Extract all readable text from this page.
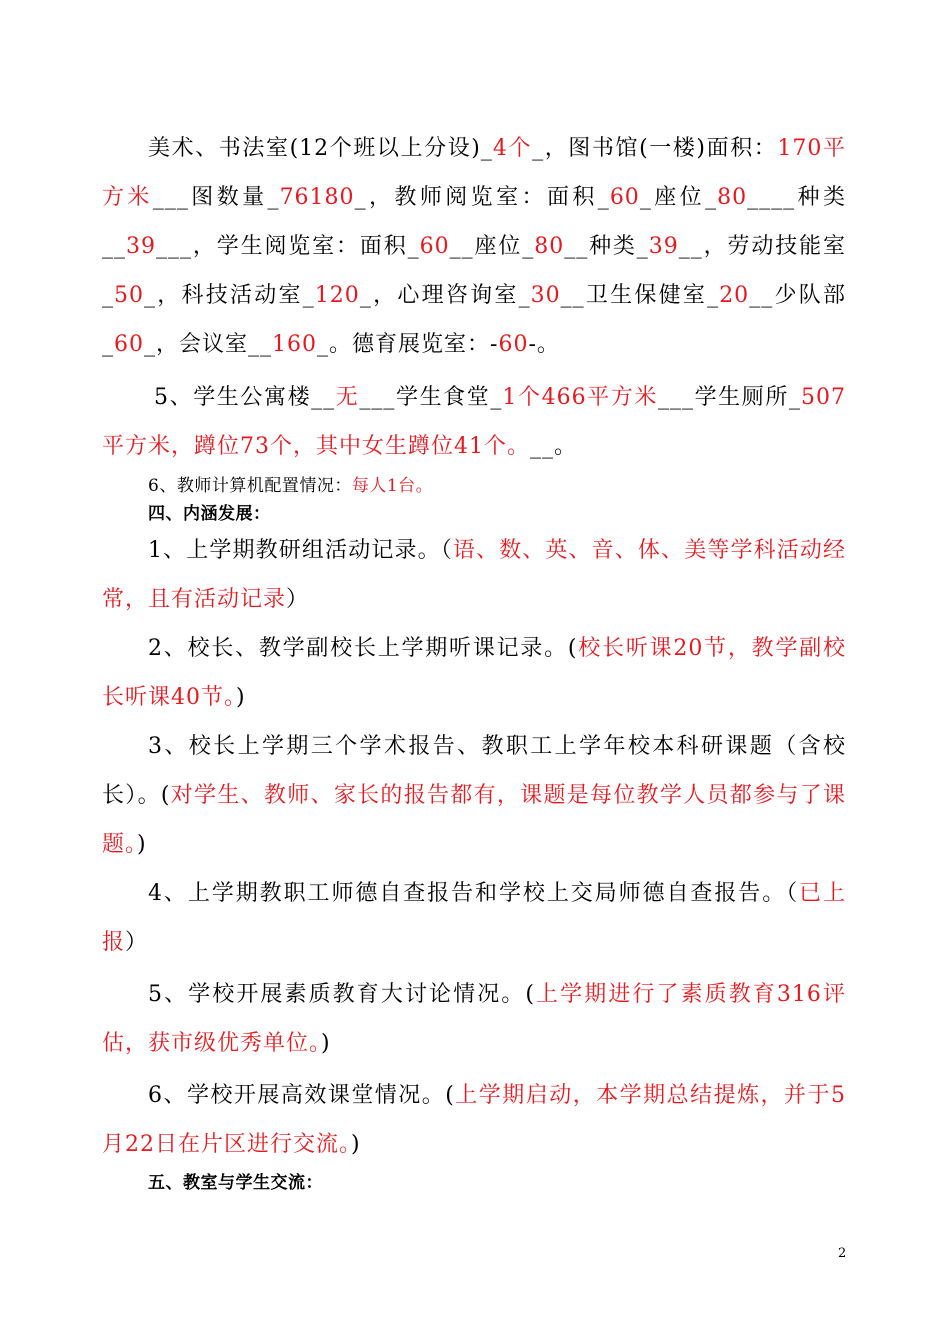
美术、书法室(12个班以上分设)_4个_，图书馆(一楼)面积：170平方米___图数量_76180_，教师阅览室：面积_60_座位_80____种类__39___，学生阅览室：面积_60__座位_80__种类_39__，劳动技能室_50_，科技活动室_120_，心理咨询室_30__卫生保健室_20__少队部_60_，会议室__160_。德育展览室：-60-。

5、学生公寓楼__无___学生食堂_1个466平方米___学生厕所_507平方米，蹲位73个，其中女生蹲位41个。__。

6、教师计算机配置情况：每人1台。

四、内涵发展：

1、上学期教研组活动记录。（语、数、英、音、体、美等学科活动经常，且有活动记录）

2、校长、教学副校长上学期听课记录。(校长听课20节，教学副校长听课40节。)

3、校长上学期三个学术报告、教职工上学年校本科研课题（含校长）。(对学生、教师、家长的报告都有，课题是每位教学人员都参与了课题。)

4、上学期教职工师德自查报告和学校上交局师德自查报告。（已上报）

5、学校开展素质教育大讨论情况。(上学期进行了素质教育316评估，获市级优秀单位。)

6、学校开展高效课堂情况。(上学期启动，本学期总结提炼，并于5月22日在片区进行交流。)

五、教室与学生交流：

2
